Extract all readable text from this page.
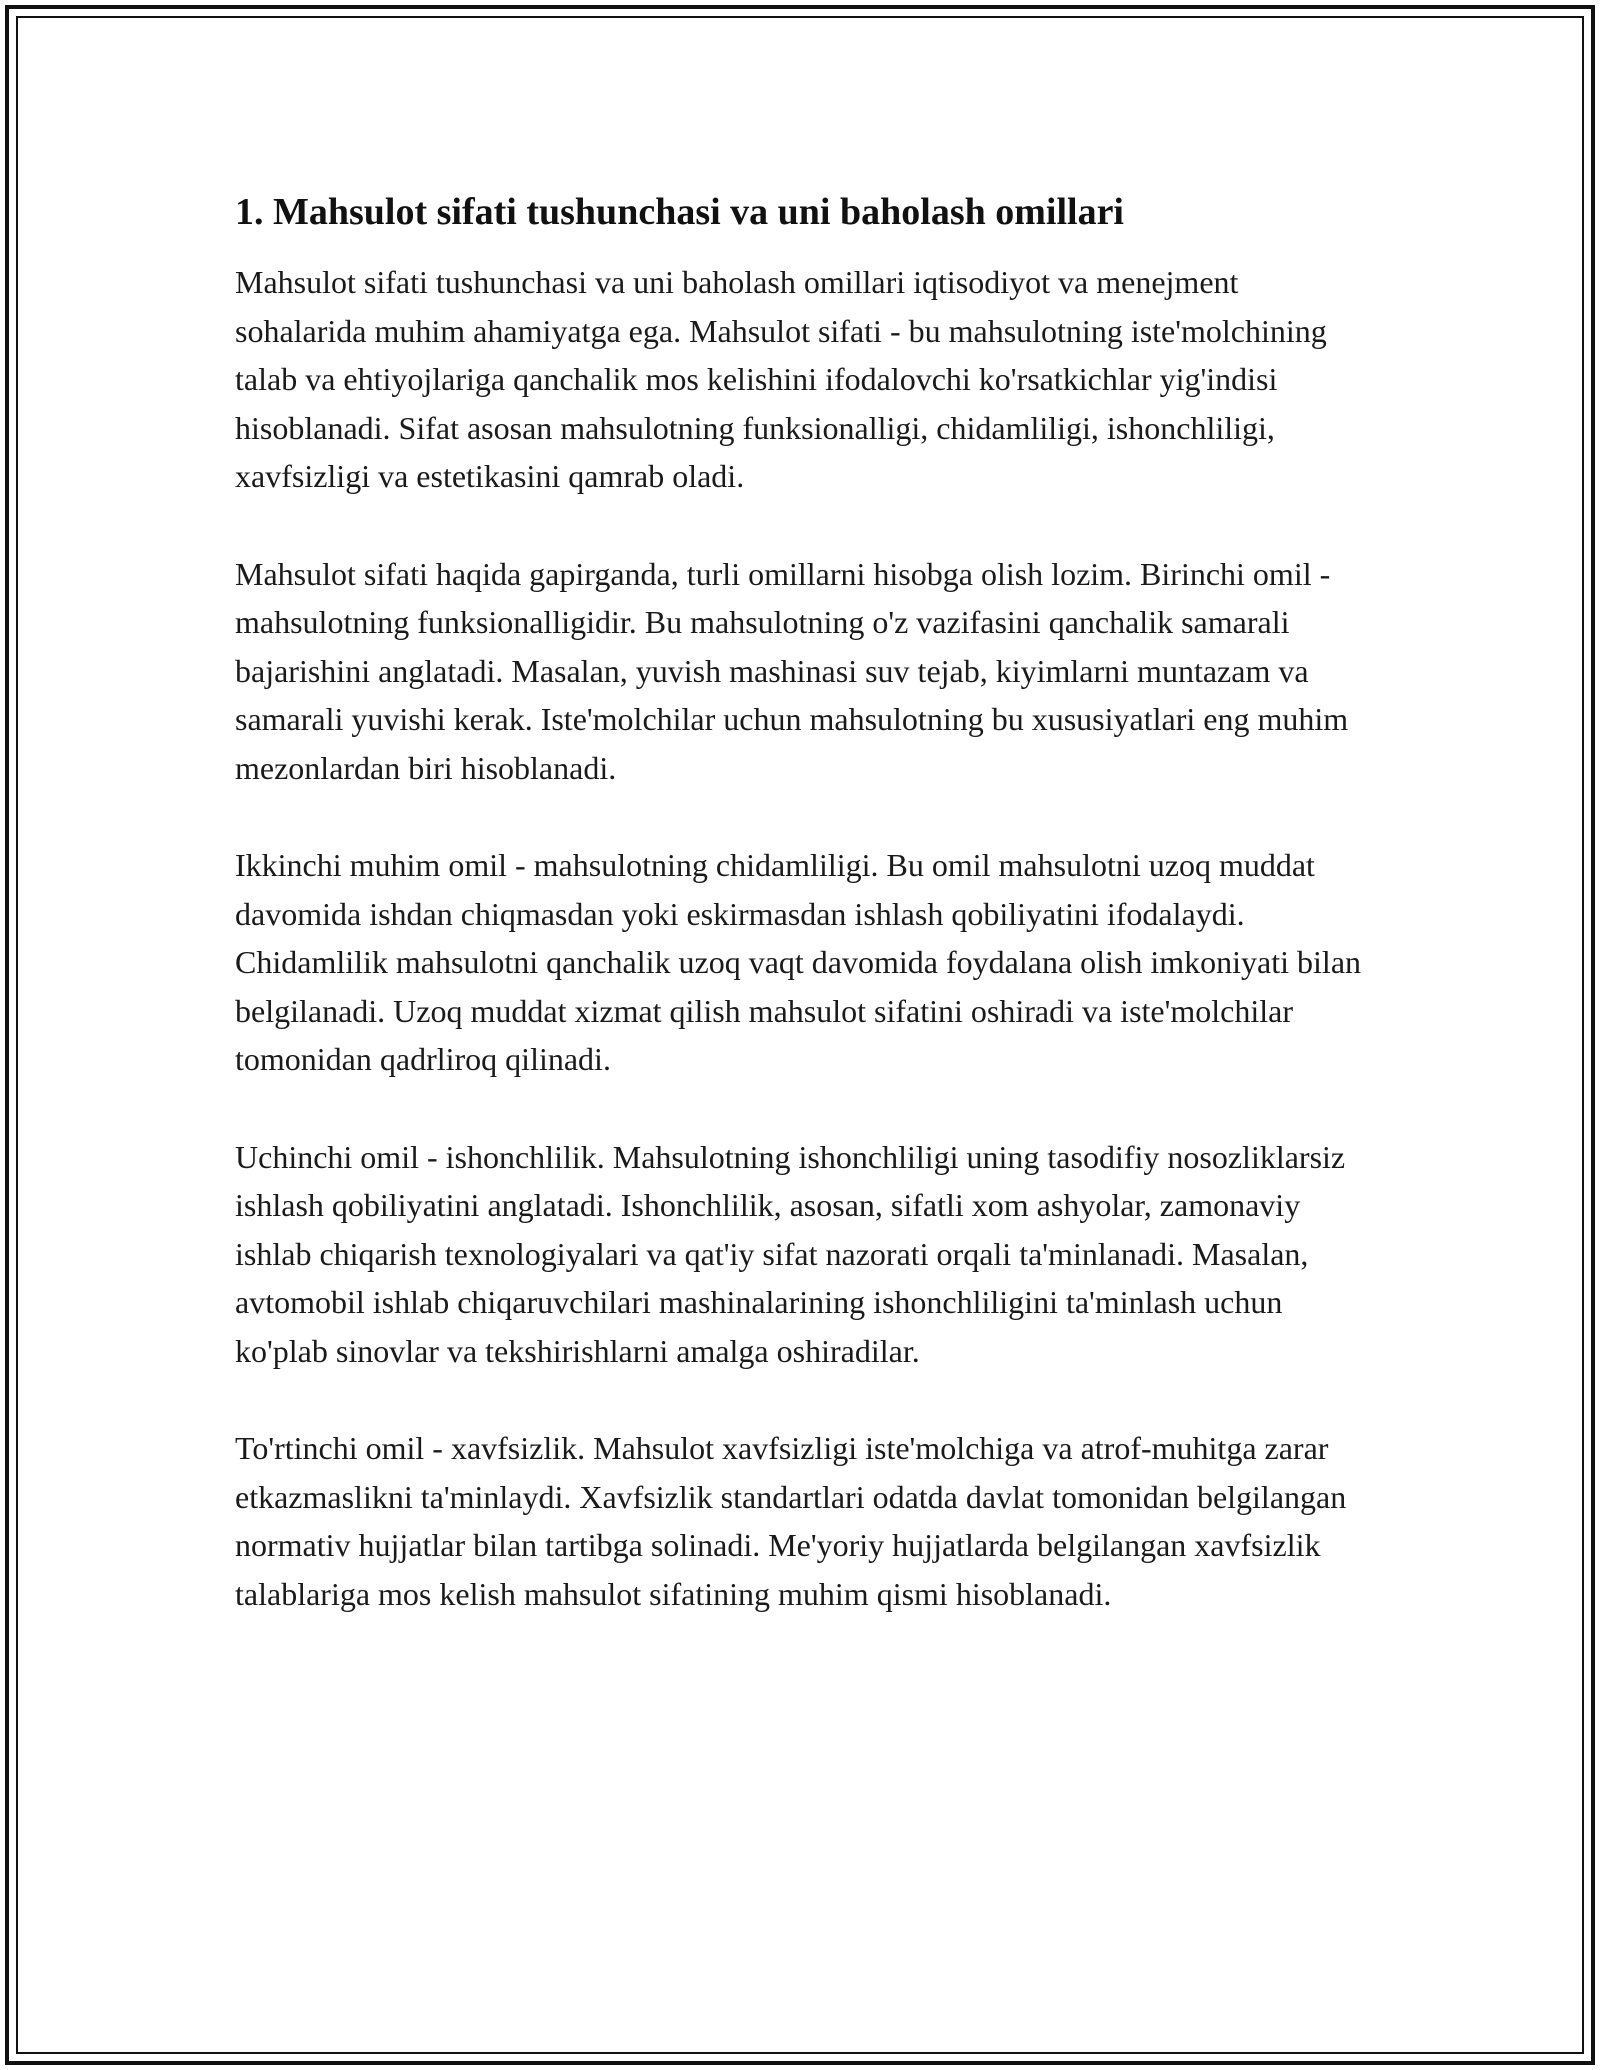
1. Mahsulot sifati tushunchasi va uni baholash omillari

Mahsulot sifati tushunchasi va uni baholash omillari iqtisodiyot va menejment sohalarida muhim ahamiyatga ega. Mahsulot sifati - bu mahsulotning iste'molchining talab va ehtiyojlariga qanchalik mos kelishini ifodalovchi ko'rsatkichlar yig'indisi hisoblanadi. Sifat asosan mahsulotning funksionalligi, chidamliligi, ishonchliligi, xavfsizligi va estetikasini qamrab oladi.

Mahsulot sifati haqida gapirganda, turli omillarni hisobga olish lozim. Birinchi omil - mahsulotning funksionalligidir. Bu mahsulotning o'z vazifasini qanchalik samarali bajarishini anglatadi. Masalan, yuvish mashinasi suv tejab, kiyimlarni muntazam va samarali yuvishi kerak. Iste'molchilar uchun mahsulotning bu xususiyatlari eng muhim mezonlardan biri hisoblanadi.

Ikkinchi muhim omil - mahsulotning chidamliligi. Bu omil mahsulotni uzoq muddat davomida ishdan chiqmasdan yoki eskirmasdan ishlash qobiliyatini ifodalaydi. Chidamlilik mahsulotni qanchalik uzoq vaqt davomida foydalana olish imkoniyati bilan belgilanadi. Uzoq muddat xizmat qilish mahsulot sifatini oshiradi va iste'molchilar tomonidan qadrliroq qilinadi.

Uchinchi omil - ishonchlilik. Mahsulotning ishonchliligi uning tasodifiy nosozliklarsiz ishlash qobiliyatini anglatadi. Ishonchlilik, asosan, sifatli xom ashyolar, zamonaviy ishlab chiqarish texnologiyalari va qat'iy sifat nazorati orqali ta'minlanadi. Masalan, avtomobil ishlab chiqaruvchilari mashinalarining ishonchliligini ta'minlash uchun ko'plab sinovlar va tekshirishlarni amalga oshiradilar.

To'rtinchi omil - xavfsizlik. Mahsulot xavfsizligi iste'molchiga va atrof-muhitga zarar etkazmaslikni ta'minlaydi. Xavfsizlik standartlari odatda davlat tomonidan belgilangan normativ hujjatlar bilan tartibga solinadi. Me'yoriy hujjatlarda belgilangan xavfsizlik talablariga mos kelish mahsulot sifatining muhim qismi hisoblanadi.
